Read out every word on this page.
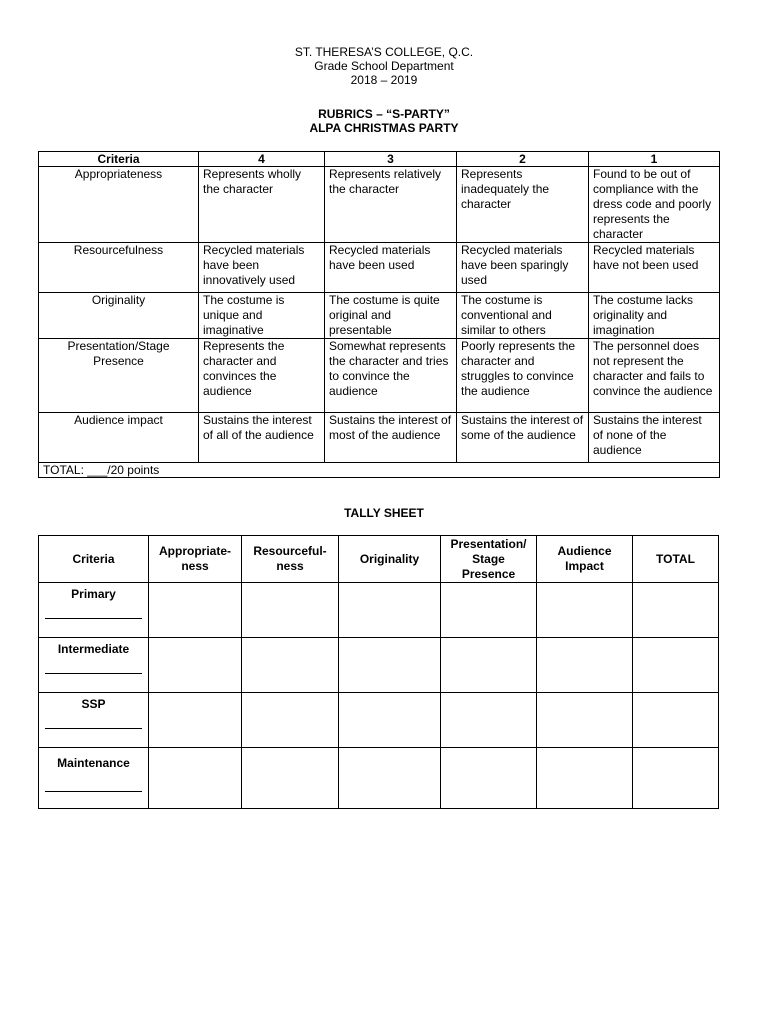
ST. THERESA’S COLLEGE, Q.C.
Grade School Department
2018 – 2019
RUBRICS – “S-PARTY”
ALPA CHRISTMAS PARTY
Criteria	4	3	2	1
Appropriateness	Represents wholly the character	Represents relatively the character	Represents inadequately the character	Found to be out of compliance with the dress code and poorly represents the character
Resourcefulness	Recycled materials have been innovatively used	Recycled materials have been used	Recycled materials have been sparingly used	Recycled materials have not been used
Originality	The costume is unique and imaginative	The costume is quite original and presentable	The costume is conventional and similar to others	The costume lacks originality and imagination
Presentation/Stage Presence	Represents the character and convinces the audience	Somewhat represents the character and tries to convince the audience	Poorly represents the character and struggles to convince the audience	The personnel does not represent the character and fails to convince the audience
Audience impact	Sustains the interest of all of the audience	Sustains the interest of most of the audience	Sustains the interest of some of the audience	Sustains the interest of none of the audience
TOTAL: ___/20 points				
TALLY SHEET
Criteria	Appropriate-ness	Resourceful-ness	Originality	Presentation/ Stage Presence	Audience Impact	TOTAL
Primary

Intermediate

SSP

Maintenance
